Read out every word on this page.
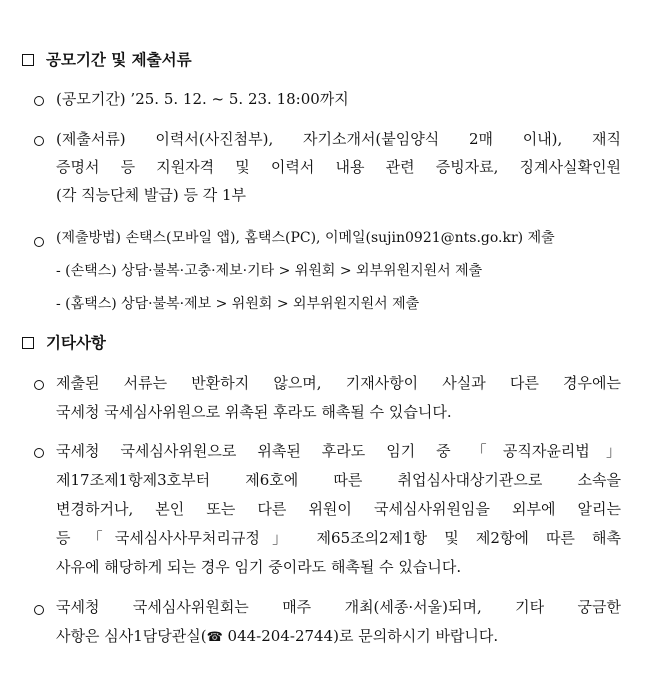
공모기간 및 제출서류
(공모기간) ’25. 5. 12. ~ 5. 23. 18:00까지
(제출서류) 이력서(사진첨부), 자기소개서(붙임양식 2매 이내), 재직
증명서 등 지원자격 및 이력서 내용 관련 증빙자료, 징계사실확인원
(각 직능단체 발급) 등 각 1부
(제출방법) 손택스(모바일 앱), 홈택스(PC), 이메일(sujin0921@nts.go.kr) 제출
- (손택스) 상담·불복·고충·제보·기타 > 위원회 > 외부위원지원서 제출
- (홈택스) 상담·불복·제보 > 위원회 > 외부위원지원서 제출
기타사항
제출된 서류는 반환하지 않으며, 기재사항이 사실과 다른 경우에는
국세청 국세심사위원으로 위촉된 후라도 해촉될 수 있습니다.
국세청 국세심사위원으로 위촉된 후라도 임기 중 「공직자윤리법」
제17조제1항제3호부터 제6호에 따른 취업심사대상기관으로 소속을
변경하거나, 본인 또는 다른 위원이 국세심사위원임을 외부에 알리는
등 「국세심사사무처리규정」 제65조의2제1항 및 제2항에 따른 해촉
사유에 해당하게 되는 경우 임기 중이라도 해촉될 수 있습니다.
국세청 국세심사위원회는 매주 개최(세종·서울)되며, 기타 궁금한
사항은 심사1담당관실(☎ 044-204-2744)로 문의하시기 바랍니다.
